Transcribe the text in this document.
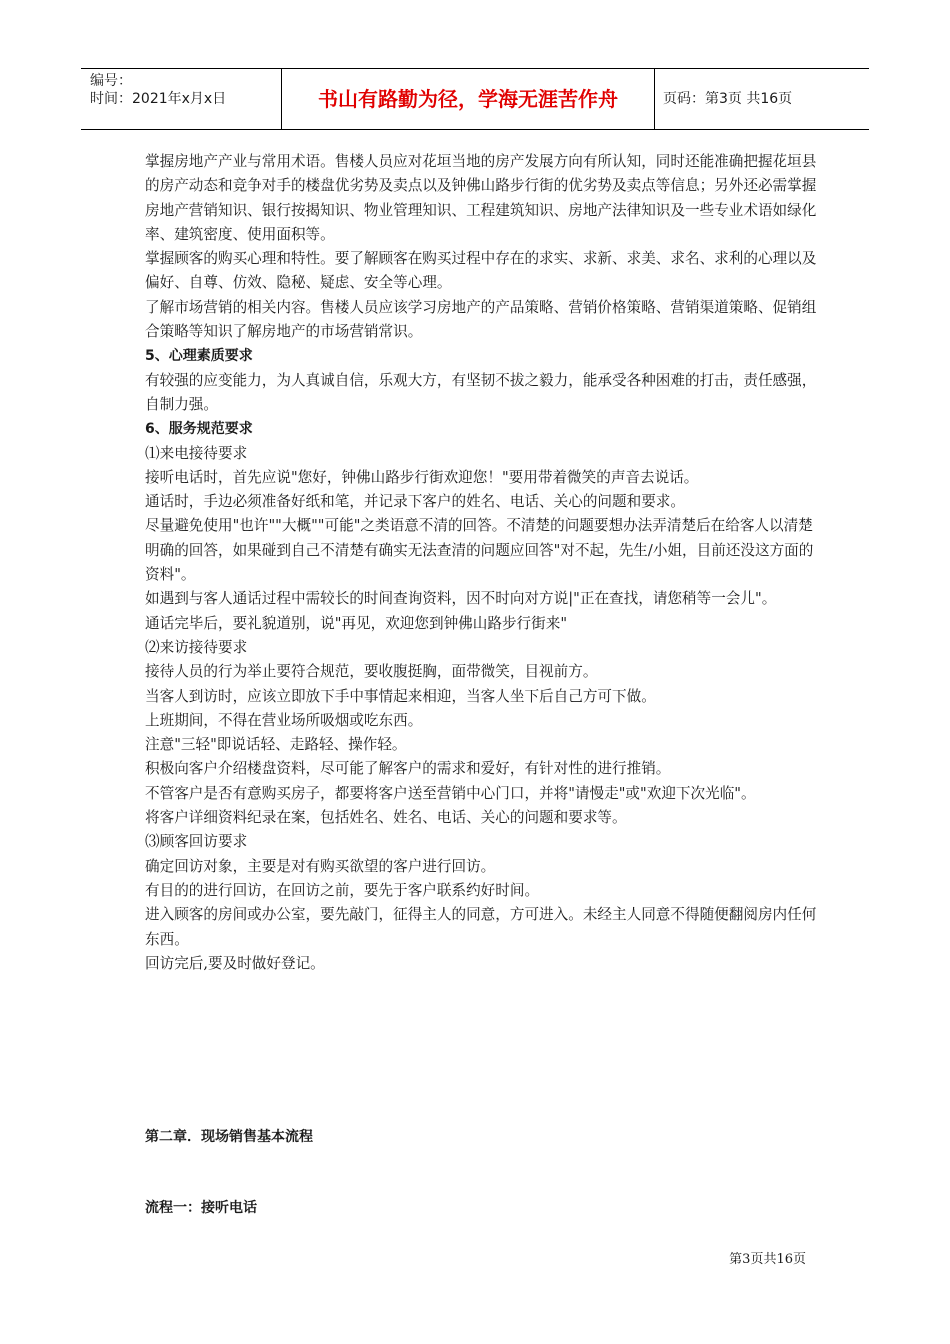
编号：
时间：2021年x月x日	书山有路勤为径，学海无涯苦作舟	页码：第3页 共16页

掌握房地产产业与常用术语。售楼人员应对花垣当地的房产发展方向有所认知，同时还能准确把握花垣县的房产动态和竞争对手的楼盘优劣势及卖点以及钟佛山路步行街的优劣势及卖点等信息；另外还必需掌握房地产营销知识、银行按揭知识、物业管理知识、工程建筑知识、房地产法律知识及一些专业术语如绿化率、建筑密度、使用面积等。

掌握顾客的购买心理和特性。要了解顾客在购买过程中存在的求实、求新、求美、求名、求利的心理以及偏好、自尊、仿效、隐秘、疑虑、安全等心理。

了解市场营销的相关内容。售楼人员应该学习房地产的产品策略、营销价格策略、营销渠道策略、促销组合策略等知识了解房地产的市场营销常识。

5、心理素质要求

有较强的应变能力，为人真诚自信，乐观大方，有坚韧不拔之毅力，能承受各种困难的打击，责任感强，自制力强。

6、服务规范要求

⑴来电接待要求

接听电话时，首先应说"您好，钟佛山路步行街欢迎您！"要用带着微笑的声音去说话。

通话时，手边必须准备好纸和笔，并记录下客户的姓名、电话、关心的问题和要求。

尽量避免使用"也许""大概""可能"之类语意不清的回答。不清楚的问题要想办法弄清楚后在给客人以清楚明确的回答，如果碰到自己不清楚有确实无法查清的问题应回答"对不起，先生/小姐，目前还没这方面的资料"。

如遇到与客人通话过程中需较长的时间查询资料，因不时向对方说|"正在查找，请您稍等一会儿"。

通话完毕后，要礼貌道别，说"再见，欢迎您到钟佛山路步行街来"

⑵来访接待要求

接待人员的行为举止要符合规范，要收腹挺胸，面带微笑，目视前方。

当客人到访时，应该立即放下手中事情起来相迎，当客人坐下后自己方可下做。

上班期间，不得在营业场所吸烟或吃东西。

注意"三轻"即说话轻、走路轻、操作轻。

积极向客户介绍楼盘资料，尽可能了解客户的需求和爱好，有针对性的进行推销。

不管客户是否有意购买房子，都要将客户送至营销中心门口，并将"请慢走"或"欢迎下次光临"。

将客户详细资料纪录在案，包括姓名、姓名、电话、关心的问题和要求等。

⑶顾客回访要求

确定回访对象，主要是对有购买欲望的客户进行回访。

有目的的进行回访，在回访之前，要先于客户联系约好时间。

进入顾客的房间或办公室，要先敲门，征得主人的同意，方可进入。未经主人同意不得随便翻阅房内任何东西。

回访完后,要及时做好登记。

第二章．现场销售基本流程
流程一：接听电话
第3页共16页
